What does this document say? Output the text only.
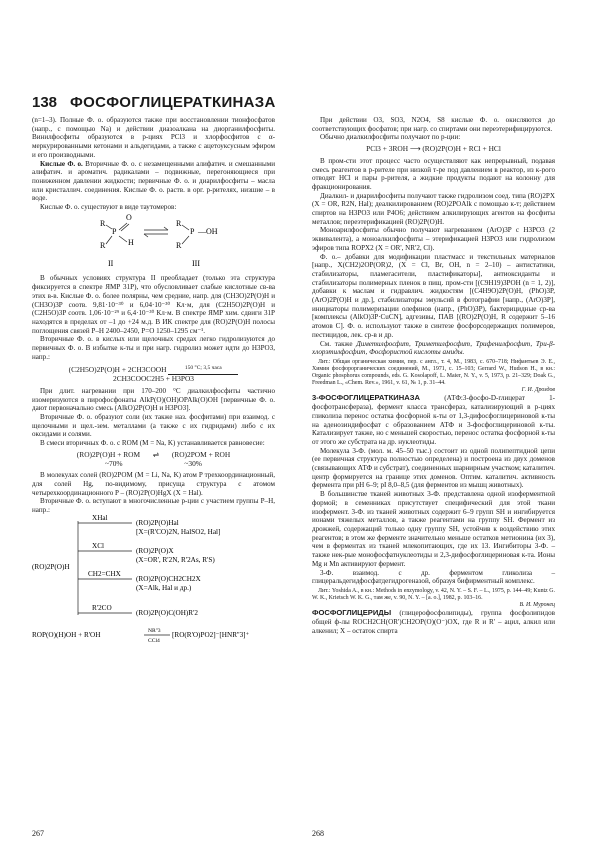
138 ФОСФОГЛИЦЕРАТКИНАЗА

(n=1–3). Полные Ф. о. образуются также при восстановлении тионфосфатов (напр., с помощью Na) и действии диазоалкана на диорганилфосфиты. Винилфосфиты образуются в р-циях PCl3 и хлорфосфитов с α-меркурированными кетонами и альдегидами, а также с ацетоуксусным эфиром и его производными.

Кислые Ф. о. Вторичные Ф. о. с незамещенными алифатич. и смешанными алифатич. и ароматич. радикалами – подвижные, перегоняющиеся при пониженном давлении жидкости; первичные Ф. о. и диарилфосфиты – масла или кристаллич. соединения. Кислые Ф. о. раств. в орг. р-рителях, низшие – в воде.

Кислые Ф. о. существуют в виде таутомеров:

R
O
P
R	H
R
R
P —OH
II	III

В обычных условиях структура II преобладает (только эта структура фиксируется в спектре ЯМР 31P), что обусловливает слабые кислотные св-ва этих в-в. Кислые Ф. о. более полярны, чем средние, напр. для (CH3O)2P(O)H и (CH3O)3P соотв. 9,81·10⁻³⁰ и 6,04·10⁻³⁰ Кл·м, для (C2H5O)2P(O)H и (C2H5O)3P соотв. 1,06·10⁻²⁹ и 6,4·10⁻³⁰ Кл·м. В спектре ЯМР хим. сдвиги 31P находятся в пределах от –1 до +24 м.д. В ИК спектре для (RO)2P(O)H полосы поглощения связей P–H 2400–2450, P=O 1250–1295 см⁻¹.

Вторичные Ф. о. в кислых или щелочных средах легко гидролизуются до первичных Ф. о. В избытке к-ты и при нагр. гидролиз может идти до H3PO3, напр.:

(C2H5O)2P(O)H + 2CH3COOH	150 °C; 3,5 часа

2CH3COOC2H5 + H3PO3

При длит. нагревании при 170–200 °C диалкилфосфиты частично изомеризуются в пирофосфонаты AlkP(O)(OH)OPAlk(O)OH [первичные Ф. о. дают первоначально смесь (AlkO)2P(O)H и H3PO3].

Вторичные Ф. о. образуют соли (их также наз. фосфитами) при взаимод. с щелочными и щел.-зем. металлами (а также с их гидридами) либо с их оксидами и солями.

В смеси вторичных Ф. о. с ROM (M = Na, K) устанавливается равновесие:

(RO)2P(O)H + ROM ⇌ (RO)2POM + ROH
~70%	~30%

В молекулах солей (RO)2POM (M = Li, Na, K) атом P трехкоординационный, для солей Hg, по-видимому, присуща структура с атомом четырехкоординационного P – (RO)2P(O)HgX (X = Hal).

Вторичные Ф. о. вступают в многочисленные р-ции с участием группы P–H, напр.:

(RO)2P(O)H
XHal
(RO)2P(O)Hal
[X=(R'CO)2N, HalSO2, Hal]
XCl
(RO)2P(O)X
(X=OR', R'2N, R'2As, R'S)
CH2=CHX
(RO)2P(O)CH2CH2X
(X=Alk, Hal и др.)
R'2CO
(RO)2P(O)C(OH)R'2
ROP(O)(H)OH + R'OH	NR''3
CCl4
[RO(R'O)PO2]⁻[HNR''3]⁺

При действии O3, SO3, N2O4, S8 кислые Ф. о. окисляются до соответствующих фосфатов; при нагр. со спиртами они переэтерифицируются.

Обычно диалкилфосфиты получают по р-ции:

PCl3 + 3ROH ⟶ (RO)2P(O)H + RCl + HCl

В пром-сти этот процесс часто осуществляют как непрерывный, подавая смесь реагентов в р-рителе при низкой т-ре под давлением в реактор, из к-рого отводят HCl и пары р-рителя, а жидкие продукты подают на колонну для фракционирования.

Диалкил- и диарилфосфиты получают также гидролизом соед. типа (RO)2PX (X = OR, R2N, Hal); деалкилированием (RO)2POAlk с помощью к-т; действием спиртов на H3PO3 или P4O6; действием алкилирующих агентов на фосфиты металлов; переэтерификацией (RO)2P(O)H.

Моноарилфосфиты обычно получают нагреванием (ArO)3P с H3PO3 (2 эквивалента), а моноалкилфосфиты – этерификацией H3PO3 или гидролизом эфиров типа ROPX2 (X = OR', NR'2, Cl).

Ф. о.– добавки для модификации пластмасс и текстильных материалов [напр., X(CH2)2OP(OR)2, (X = Cl, Br, OH, n = 2–10) – антистатики, стабилизаторы, пламегасители, пластификаторы], антиоксиданты и стабилизаторы полимерных пленок в пищ. пром-сти [(C9H19)3POH (n = 1, 2)], добавки к маслам и гидравлич. жидкостям [(C4H9O)2P(O)H, (PhO)3P, (ArO)2P(O)H и др.], стабилизаторы эмульсий в фотографии [напр., (ArO)3P], инициаторы полимеризации олефинов (напр., (PhO)3P), бактерицидные ср-ва [комплексы (AlkO)3P·CuCN], адгезивы, ПАВ [(RO)2P(O)H, R содержит 5–16 атомов C]. Ф. о. используют также в синтезе фосфорсодержащих полимеров, пестицидов, лек. ср-в и др.

См. также Диметилфосфит, Триметилфосфит, Трифенилфосфит, Три-β-хлорэтилфосфит, Фосфористой кислоты амиды.

Лит.: Общая органическая химия, пер. с англ., т. 4, М., 1983, с. 670–718; Нифантьев Э. Е., Химия фосфорорганических соединений, М., 1971, с. 15–103; Gerrard W., Hudson H., в кн.: Organic phosphorus compounds, eds. G. Kosolapoff, L. Maier, N. Y., v. 5, 1973, p. 21–329; Doak G., Freedman L., «Chem. Rev.», 1961, v. 61, № 1, p. 31–44.

Г. И. Дроздов

3-ФОСФОГЛИЦЕРАТКИНАЗА (АТФ:3-фосфо-D-глицерат 1-фосфотрансфераза), фермент класса трансфераз, катализирующий в р-циях гликолиза перенос остатка фосфорной к-ты от 1,3-дифосфоглицериновой к-ты на аденозиндифосфат с образованием АТФ и 3-фосфоглицериновой к-ты. Катализирует также, но с меньшей скоростью, перенос остатка фосфорной к-ты от этого же субстрата на др. нуклеотиды.

Молекула 3-Ф. (мол. м. 45–50 тыс.) состоит из одной полипептидной цепи (ее первичная структура полностью определена) и построена из двух доменов (связывающих АТФ и субстрат), соединенных шарнирным участком; каталитич. центр формируется на границе этих доменов. Оптим. каталитич. активность фермента при pH 6–9; pI 8,0–8,5 (для ферментов из мышц животных).

В большинстве тканей животных 3-Ф. представлена одной изоферментной формой; в семенниках присутствует специфический для этой ткани изофермент. 3-Ф. из тканей животных содержит 6–9 групп SH и ингибируется ионами тяжелых металлов, а также реагентами на группу SH. Фермент из дрожжей, содержащий только одну группу SH, устойчив к воздействию этих реагентов; в этом же ферменте значительно меньше остатков метионина (их 3), чем в ферментах из тканей млекопитающих, где их 13. Ингибиторы 3-Ф. – также нек-рые монофосфатнуклеотиды и 2,3-дифосфоглицериновая к-та. Ионы Mg и Mn активируют фермент.

3-Ф. взаимод. с др. ферментом гликолиза – глицеральдегидфосфатдегидрогеназой, образуя бифирментный комплекс.

Лит.: Yoshida A., в кн.: Methods in enzymology, v. 42, N. Y. – S. F. – L., 1975, p. 144–49; Kuntz G. W. K., Krietsch W. K. G., там же, v. 90, N. Y. – [a. o.], 1982, p. 103–16.

В. И. Муронец

ФОСФОГЛИЦЕРИДЫ (глицерофосфолипиды), группа фосфолипидов общей ф-лы ROCH2CH(OR')CH2OP(O)(O⁻)OX, где R и R' – ацил, алкил или алкенил; X – остаток спирта

267	268
